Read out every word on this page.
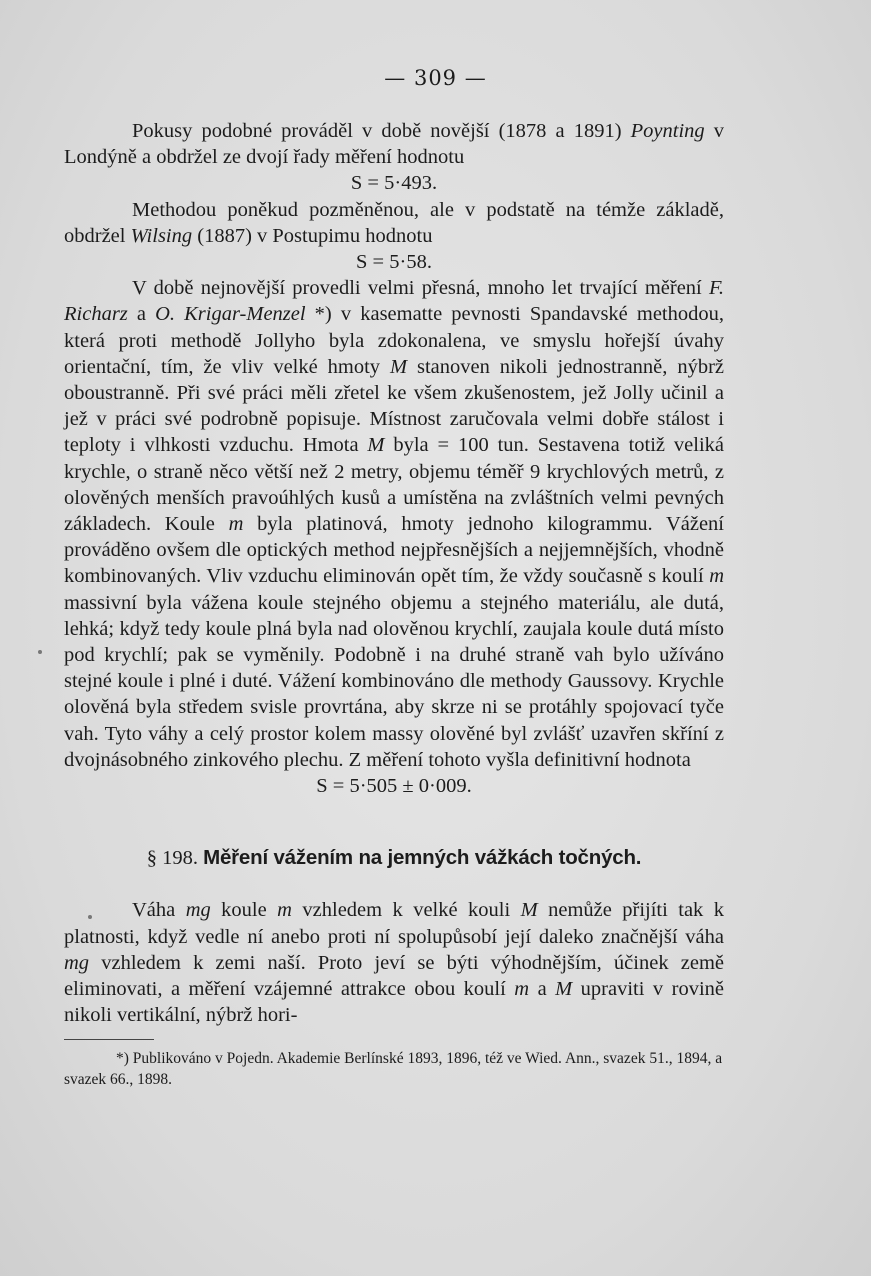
— 309 —

Pokusy podobné prováděl v době novější (1878 a 1891) Poynting v Londýně a obdržel ze dvojí řady měření hodnotu

S = 5·493.

Methodou poněkud pozměněnou, ale v podstatě na témže základě, obdržel Wilsing (1887) v Postupimu hodnotu

S = 5·58.

V době nejnovější provedli velmi přesná, mnoho let trvající měření F. Richarz a O. Krigar-Menzel *) v kasematte pevnosti Spandavské methodou, která proti methodě Jollyho byla zdokonalena, ve smyslu hořejší úvahy orientační, tím, že vliv velké hmoty M stanoven nikoli jednostranně, nýbrž oboustranně. Při své práci měli zřetel ke všem zkušenostem, jež Jolly učinil a jež v práci své podrobně popisuje. Místnost zaručovala velmi dobře stálost i teploty i vlhkosti vzduchu. Hmota M byla = 100 tun. Sestavena totiž veliká krychle, o straně něco větší než 2 metry, objemu téměř 9 krychlových metrů, z olověných menších pravoúhlých kusů a umístěna na zvláštních velmi pevných základech. Koule m byla platinová, hmoty jednoho kilogrammu. Vážení prováděno ovšem dle optických method nejpřesnějších a nejjemnějších, vhodně kombinovaných. Vliv vzduchu eliminován opět tím, že vždy současně s koulí m massivní byla vážena koule stejného objemu a stejného materiálu, ale dutá, lehká; když tedy koule plná byla nad olověnou krychlí, zaujala koule dutá místo pod krychlí; pak se vyměnily. Podobně i na druhé straně vah bylo užíváno stejné koule i plné i duté. Vážení kombinováno dle methody Gaussovy. Krychle olověná byla středem svisle provrtána, aby skrze ni se protáhly spojovací tyče vah. Tyto váhy a celý prostor kolem massy olověné byl zvlášť uzavřen skříní z dvojnásobného zinkového plechu. Z měření tohoto vyšla definitivní hodnota

S = 5·505 ± 0·009.

§ 198. Měření vážením na jemných vážkách točných.

Váha mg koule m vzhledem k velké kouli M nemůže přijíti tak k platnosti, když vedle ní anebo proti ní spolupůsobí její daleko značnější váha mg vzhledem k zemi naší. Proto jeví se býti výhodnějším, účinek země eliminovati, a měření vzájemné attrakce obou koulí m a M upraviti v rovině nikoli vertikální, nýbrž hori-

*) Publikováno v Pojedn. Akademie Berlínské 1893, 1896, též ve Wied. Ann., svazek 51., 1894, a svazek 66., 1898.
